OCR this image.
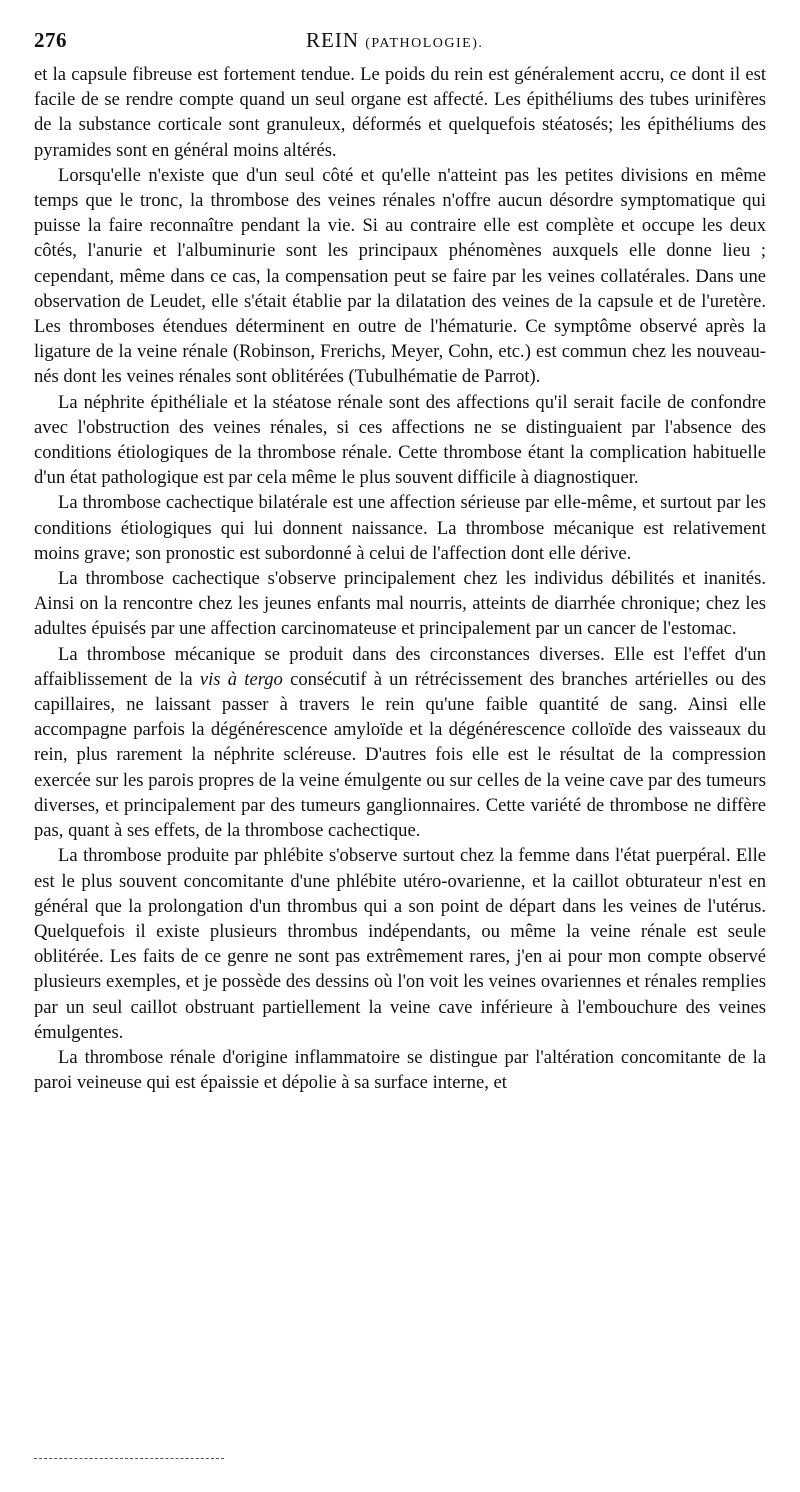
276	REIN (PATHOLOGIE).

et la capsule fibreuse est fortement tendue. Le poids du rein est généralement accru, ce dont il est facile de se rendre compte quand un seul organe est affecté. Les épithéliums des tubes urinifères de la substance corticale sont granuleux, déformés et quelquefois stéatosés; les épithéliums des pyramides sont en général moins altérés.

Lorsqu'elle n'existe que d'un seul côté et qu'elle n'atteint pas les petites divisions en même temps que le tronc, la thrombose des veines rénales n'offre aucun désordre symptomatique qui puisse la faire reconnaître pendant la vie. Si au contraire elle est complète et occupe les deux côtés, l'anurie et l'albuminurie sont les principaux phénomènes auxquels elle donne lieu ; cependant, même dans ce cas, la compensation peut se faire par les veines collatérales. Dans une observation de Leudet, elle s'était établie par la dilatation des veines de la capsule et de l'uretère. Les thromboses étendues déterminent en outre de l'hématurie. Ce symptôme observé après la ligature de la veine rénale (Robinson, Frerichs, Meyer, Cohn, etc.) est commun chez les nouveau-nés dont les veines rénales sont oblitérées (Tubulhématie de Parrot).

La néphrite épithéliale et la stéatose rénale sont des affections qu'il serait facile de confondre avec l'obstruction des veines rénales, si ces affections ne se distinguaient par l'absence des conditions étiologiques de la thrombose rénale. Cette thrombose étant la complication habituelle d'un état pathologique est par cela même le plus souvent difficile à diagnostiquer.

La thrombose cachectique bilatérale est une affection sérieuse par elle-même, et surtout par les conditions étiologiques qui lui donnent naissance. La thrombose mécanique est relativement moins grave; son pronostic est subordonné à celui de l'affection dont elle dérive.

La thrombose cachectique s'observe principalement chez les individus débilités et inanités. Ainsi on la rencontre chez les jeunes enfants mal nourris, atteints de diarrhée chronique; chez les adultes épuisés par une affection carcinomateuse et principalement par un cancer de l'estomac.

La thrombose mécanique se produit dans des circonstances diverses. Elle est l'effet d'un affaiblissement de la vis à tergo consécutif à un rétrécissement des branches artérielles ou des capillaires, ne laissant passer à travers le rein qu'une faible quantité de sang. Ainsi elle accompagne parfois la dégénérescence amyloïde et la dégénérescence colloïde des vaisseaux du rein, plus rarement la néphrite scléreuse. D'autres fois elle est le résultat de la compression exercée sur les parois propres de la veine émulgente ou sur celles de la veine cave par des tumeurs diverses, et principalement par des tumeurs ganglionnaires. Cette variété de thrombose ne diffère pas, quant à ses effets, de la thrombose cachectique.

La thrombose produite par phlébite s'observe surtout chez la femme dans l'état puerpéral. Elle est le plus souvent concomitante d'une phlébite utéro-ovarienne, et la caillot obturateur n'est en général que la prolongation d'un thrombus qui a son point de départ dans les veines de l'utérus. Quelquefois il existe plusieurs thrombus indépendants, ou même la veine rénale est seule oblitérée. Les faits de ce genre ne sont pas extrêmement rares, j'en ai pour mon compte observé plusieurs exemples, et je possède des dessins où l'on voit les veines ovariennes et rénales remplies par un seul caillot obstruant partiellement la veine cave inférieure à l'embouchure des veines émulgentes.

La thrombose rénale d'origine inflammatoire se distingue par l'altération concomitante de la paroi veineuse qui est épaissie et dépolie à sa surface interne, et
